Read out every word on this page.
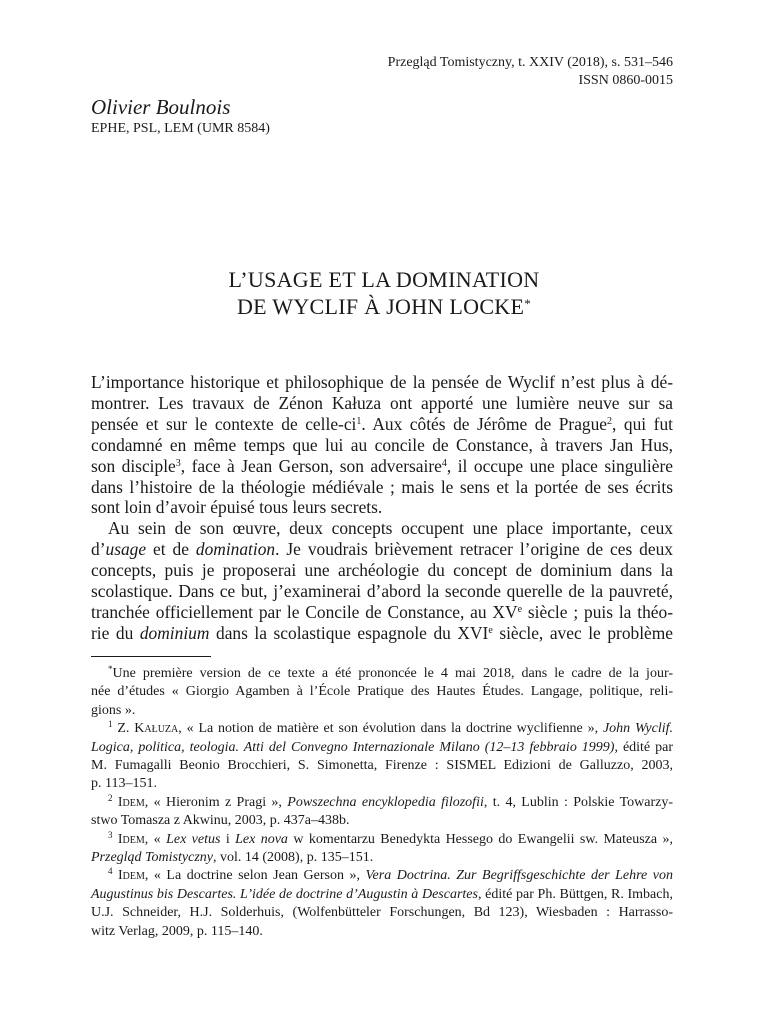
Przegląd Tomistyczny, t. XXIV (2018), s. 531–546
ISSN 0860-0015
Olivier Boulnois
EPHE, PSL, LEM (UMR 8584)
L’USAGE ET LA DOMINATION
DE WYCLIF À JOHN LOCKE*
L’importance historique et philosophique de la pensée de Wyclif n’est plus à dé-
montrer. Les travaux de Zénon Kałuza ont apporté une lumière neuve sur sa
pensée et sur le contexte de celle-$ci^1$. Aux côtés de Jérôme de Prague$^2$, qui fut
condamné en même temps que lui au concile de Constance, à travers Jan Hus,
son disciple$^3$, face à Jean Gerson, son adversaire$^4$, il occupe une place singulière
dans l’histoire de la théologie médiévale ; mais le sens et la portée de ses écrits
sont loin d’avoir épuisé tous leurs secrets.
Au sein de son œuvre, deux concepts occupent une place importante, ceux
d’usage et de domination. Je voudrais brièvement retracer l’origine de ces deux
concepts, puis je proposerai une archéologie du concept de dominium dans la
scolastique. Dans ce but, j’examinerai d’abord la seconde querelle de la pauvreté,
tranchée officiellement par le Concile de Constance, au XVe siècle ; puis la théo-
rie du dominium dans la scolastique espagnole du XVIe siècle, avec le problème
*Une première version de ce texte a été prononcée le 4 mai 2018, dans le cadre de la jour-
née d’études « Giorgio Agamben à l’École Pratique des Hautes Études. Langage, politique, reli-
gions ».
$^1$ Z. Kałuza, « La notion de matière et son évolution dans la doctrine wyclifienne », John Wyclif.
Logica, politica, teologia. Atti del Convegno Internazionale Milano (12–13 febbraio 1999), édité par
M. Fumagalli Beonio Brocchieri, S. Simonetta, Firenze : SISMEL Edizioni de Galluzzo, 2003,
p. 113–151.
$^2$ Idem, « Hieronim z Pragi », Powszechna encyklopedia filozofii, t. 4, Lublin : Polskie Towarzy-
stwo Tomasza z Akwinu, 2003, p. 437a–438b.
$^3$ Idem, « Lex vetus i Lex nova w komentarzu Benedykta Hessego do Ewangelii sw. Mateusza »,
Przegląd Tomistyczny, vol. 14 (2008), p. 135–151.
$^4$ Idem, « La doctrine selon Jean Gerson », Vera Doctrina. Zur Begriffsgeschichte der Lehre von
Augustinus bis Descartes. L’idée de doctrine d’Augustin à Descartes, édité par Ph. Büttgen, R. Imbach,
U.J. Schneider, H.J. Solderhuis, (Wolfenbütteler Forschungen, Bd 123), Wiesbaden : Harrasso-
witz Verlag, 2009, p. 115–140.
